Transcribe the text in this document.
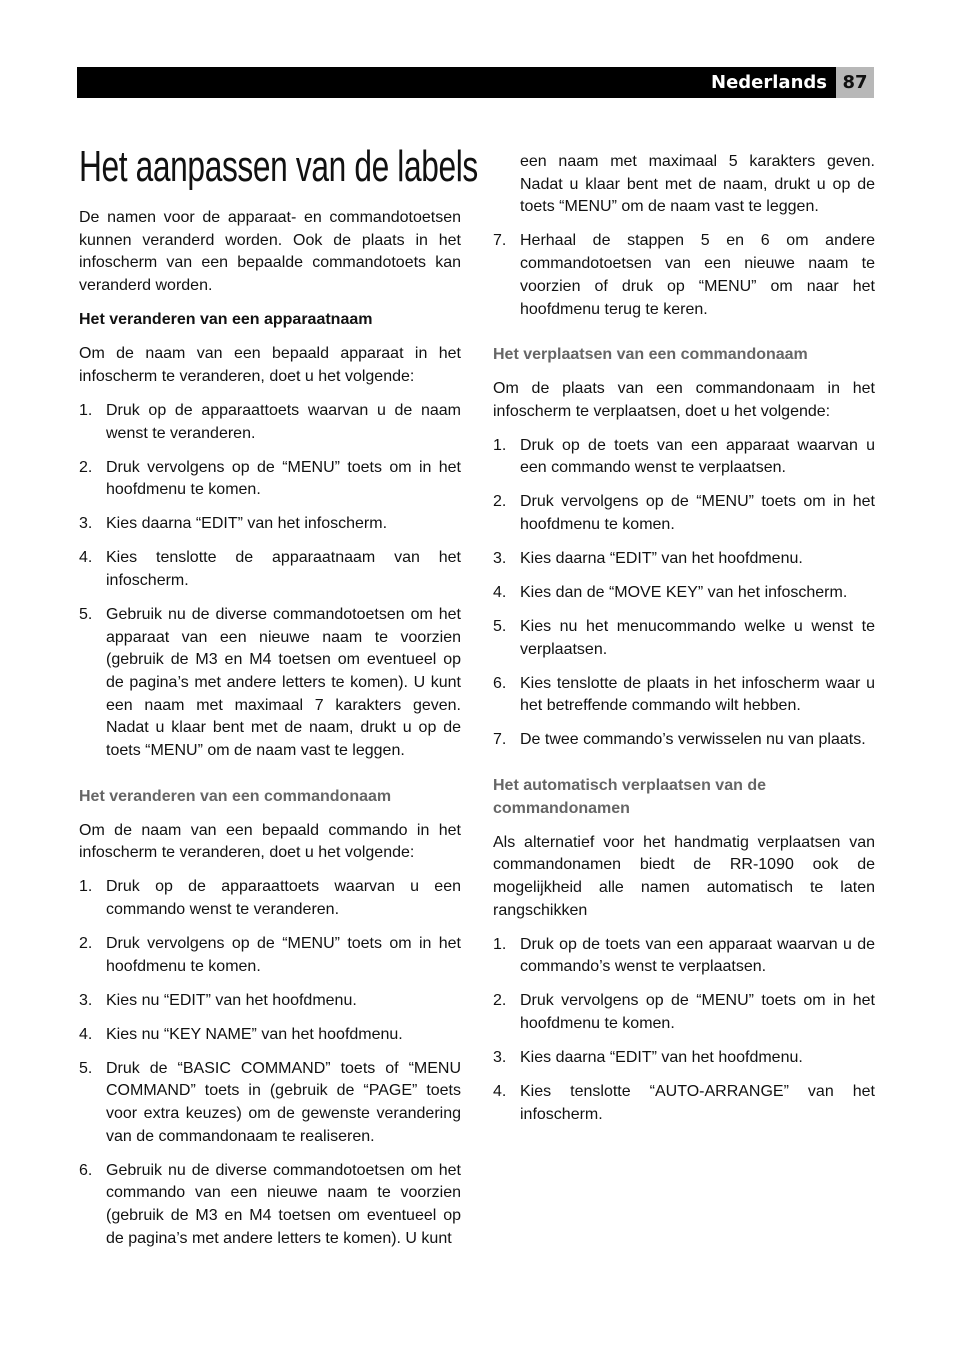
Nederlands 87
Het aanpassen van de labels

De namen voor de apparaat- en commandotoetsen kunnen veranderd worden. Ook de plaats in het infoscherm van een bepaalde commandotoets kan veranderd worden.

Het veranderen van een apparaatnaam

Om de naam van een bepaald apparaat in het infoscherm te veranderen, doet u het volgende:

1. Druk op de apparaattoets waarvan u de naam wenst te veranderen.
2. Druk vervolgens op de “MENU” toets om in het hoofdmenu te komen.
3. Kies daarna “EDIT” van het infoscherm.
4. Kies tenslotte de apparaatnaam van het infoscherm.
5. Gebruik nu de diverse commandotoetsen om het apparaat van een nieuwe naam te voorzien (gebruik de M3 en M4 toetsen om eventueel op de pagina’s met andere letters te komen). U kunt een naam met maximaal 7 karakters geven. Nadat u klaar bent met de naam, drukt u op de toets “MENU” om de naam vast te leggen.
Het veranderen van een commandonaam

Om de naam van een bepaald commando in het infoscherm te veranderen, doet u het volgende:

1. Druk op de apparaattoets waarvan u een commando wenst te veranderen.
2. Druk vervolgens op de “MENU” toets om in het hoofdmenu te komen.
3. Kies nu “EDIT” van het hoofdmenu.
4. Kies nu “KEY NAME” van het hoofdmenu.
5. Druk de “BASIC COMMAND” toets of “MENU COMMAND” toets in (gebruik de “PAGE” toets voor extra keuzes) om de gewenste verandering van de commandonaam te realiseren.
6. Gebruik nu de diverse commandotoetsen om het commando van een nieuwe naam te voorzien (gebruik de M3 en M4 toetsen om eventueel op de pagina’s met andere letters te komen). U kunt
een naam met maximaal 5 karakters geven. Nadat u klaar bent met de naam, drukt u op de toets “MENU” om de naam vast te leggen.
7. Herhaal de stappen 5 en 6 om andere commandotoetsen van een nieuwe naam te voorzien of druk op “MENU” om naar het hoofdmenu terug te keren.
Het verplaatsen van een commandonaam

Om de plaats van een commandonaam in het infoscherm te verplaatsen, doet u het volgende:

1. Druk op de toets van een apparaat waarvan u een commando wenst te verplaatsen.
2. Druk vervolgens op de “MENU” toets om in het hoofdmenu te komen.
3. Kies daarna “EDIT” van het hoofdmenu.
4. Kies dan de “MOVE KEY” van het infoscherm.
5. Kies nu het menucommando welke u wenst te verplaatsen.
6. Kies tenslotte de plaats in het infoscherm waar u het betreffende commando wilt hebben.
7. De twee commando’s verwisselen nu van plaats.
Het automatisch verplaatsen van de commandonamen

Als alternatief voor het handmatig verplaatsen van commandonamen biedt de RR-1090 ook de mogelijkheid alle namen automatisch te laten rangschikken

1. Druk op de toets van een apparaat waarvan u de commando’s wenst te verplaatsen.
2. Druk vervolgens op de “MENU” toets om in het hoofdmenu te komen.
3. Kies daarna “EDIT” van het hoofdmenu.
4. Kies tenslotte “AUTO-ARRANGE” van het infoscherm.
